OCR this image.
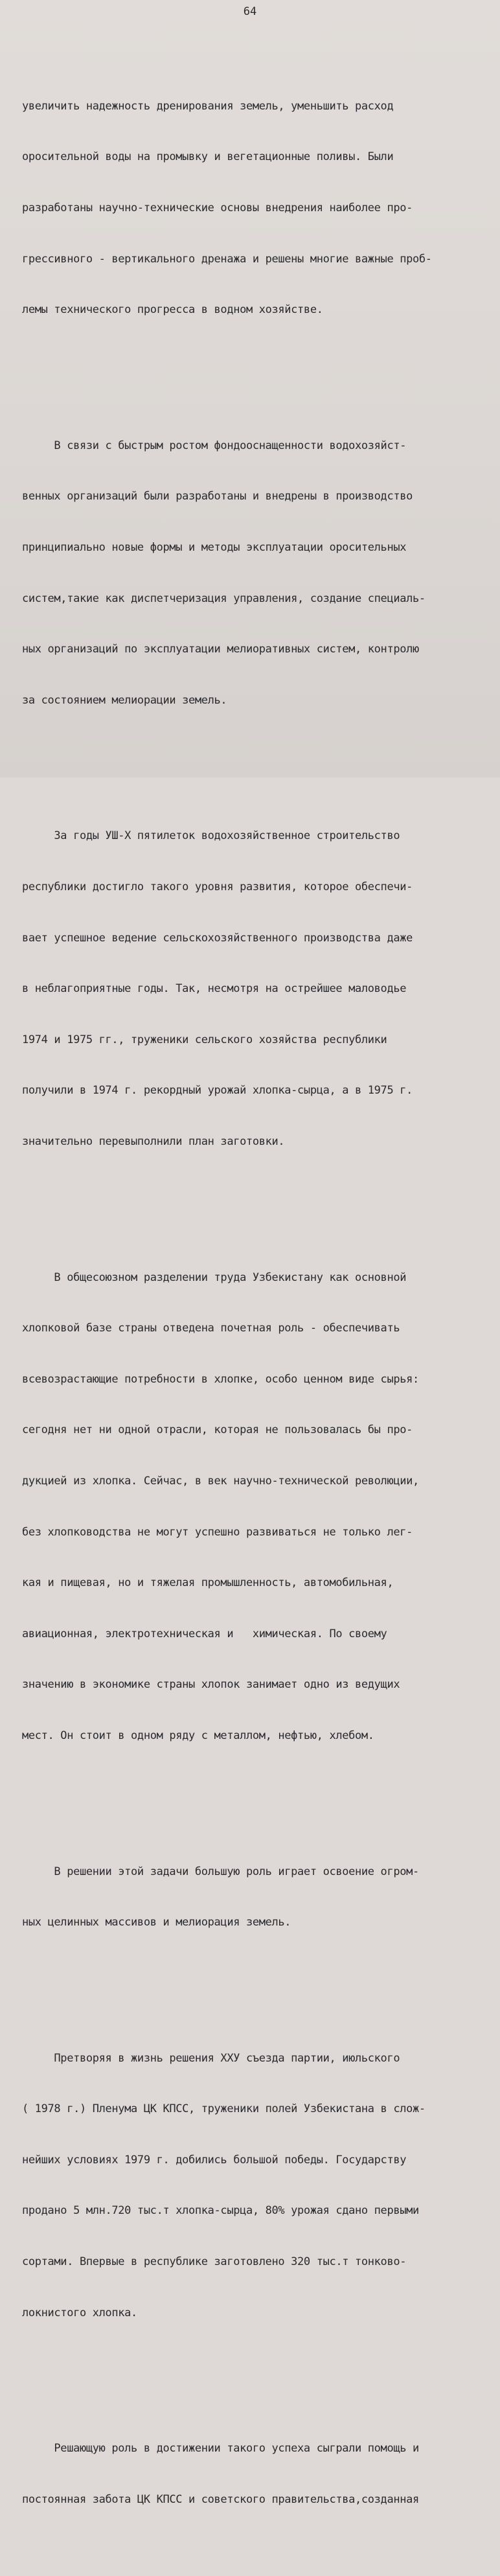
64

увеличить надежность дренирования земель, уменьшить расход

оросительной воды на промывку и вегетационные поливы. Были

разработаны научно-технические основы внедрения наиболее про-

грессивного - вертикального дренажа и решены многие важные проб-

лемы технического прогресса в водном хозяйстве.

В связи с быстрым ростом фондооснащенности водохозяйст-

венных организаций были разработаны и внедрены в производство

принципиально новые формы и методы эксплуатации оросительных

систем,такие как диспетчеризация управления, создание специаль-

ных организаций по эксплуатации мелиоративных систем, контролю

за состоянием мелиорации земель.

За годы УШ-Х пятилеток водохозяйственное строительство

республики достигло такого уровня развития, которое обеспечи-

вает успешное ведение сельскохозяйственного производства даже

в неблагоприятные годы. Так, несмотря на острейшее маловодье

1974 и 1975 гг., труженики сельского хозяйства республики

получили в 1974 г. рекордный урожай хлопка-сырца, а в 1975 г.

значительно перевыполнили план заготовки.

В общесоюзном разделении труда Узбекистану как основной

хлопковой базе страны отведена почетная роль - обеспечивать

всевозрастающие потребности в хлопке, особо ценном виде сырья:

сегодня нет ни одной отрасли, которая не пользовалась бы про-

дукцией из хлопка. Сейчас, в век научно-технической революции,

без хлопководства не могут успешно развиваться не только лег-

кая и пищевая, но и тяжелая промышленность, автомобильная,

авиационная, электротехническая и   химическая. По своему

значению в экономике страны хлопок занимает одно из ведущих

мест. Он стоит в одном ряду с металлом, нефтью, хлебом.

В решении этой задачи большую роль играет освоение огром-

ных целинных массивов и мелиорация земель.

Претворяя в жизнь решения XXУ съезда партии, июльского

( 1978 г.) Пленума ЦК КПСС, труженики полей Узбекистана в слож-

нейших условиях 1979 г. добились большой победы. Государству

продано 5 млн.720 тыс.т хлопка-сырца, 80% урожая сдано первыми

сортами. Впервые в республике заготовлено 320 тыс.т тонково-

локнистого хлопка.

Решающую роль в достижении такого успеха сыграли помощь и

постоянная забота ЦК КПСС и советского правительства,созданная
